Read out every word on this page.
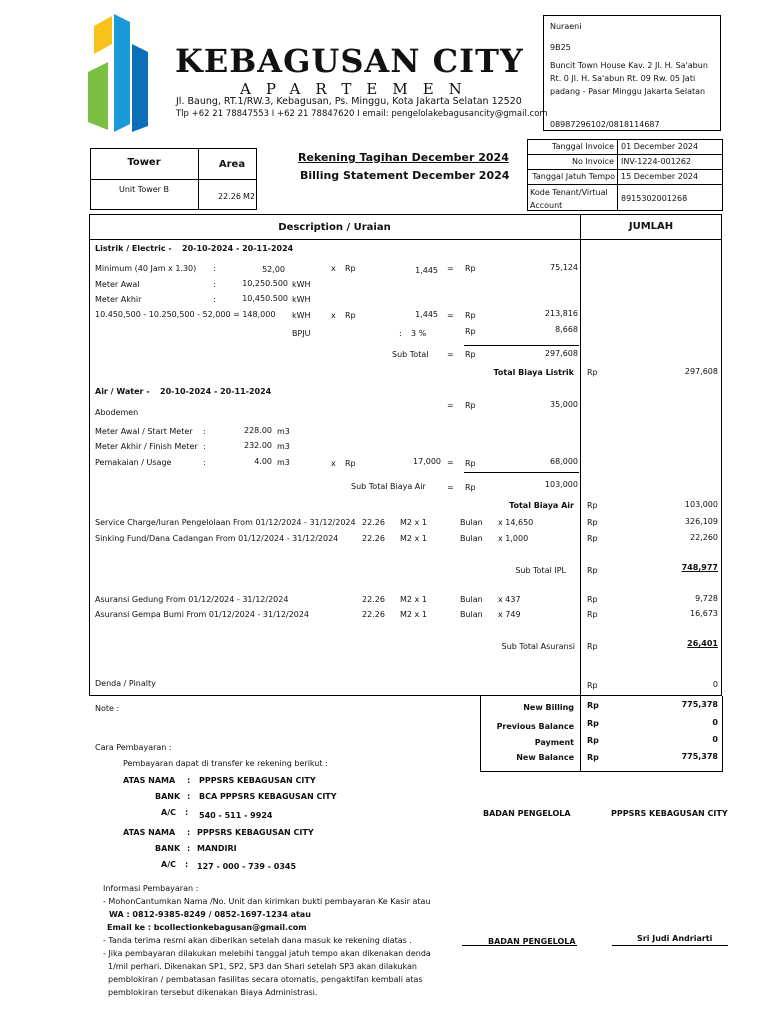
KEBAGUSAN CITY
APARTEMEN
Jl. Baung, RT.1/RW.3, Kebagusan, Ps. Minggu, Kota Jakarta Selatan 12520
Tlp +62 21 78847553 I +62 21 78847620 I email: pengelolakebagusancity@gmail.com
Nuraeni
9B25
Buncit Town House Kav. 2 Jl. H. Sa'abun
Rt. 0 Jl. H. Sa'abun Rt. 09 Rw. 05 Jati
padang - Pasar Minggu Jakarta Selatan
08987296102/0818114687
Tower	Area
Unit Tower B
22.26 M2
Rekening Tagihan December 2024
Billing Statement December 2024
Tanggal Invoice 01 December 2024
No Invoice INV-1224-001262
Tanggal Jatuh Tempo 15 December 2024
Kode Tenant/Virtual
Account
8915302001268
Description / Uraian	JUMLAH
Listrik / Electric - 20-10-2024 - 20-11-2024
Minimum (40 Jam x 1.30) :	52,00	x Rp	1,445 = Rp	75,124
Meter Awal	:	10,250.500 kWH
Meter Akhir	:	10,450.500 kWH
10.450,500 - 10.250,500 - 52,000 = 148,000 kWH	x Rp	1,445 = Rp	213,816
BPJU	: 3 %	Rp	8,668
Sub Total = Rp	297,608
Total Biaya Listrik Rp	297,608
Air / Water - 20-10-2024 - 20-11-2024
Abodemen
= Rp	35,000
Meter Awal / Start Meter :	228.00 m3
Meter Akhir / Finish Meter :	232.00 m3
Pemakaian / Usage	:	4.00 m3	x Rp	17,000 = Rp	68,000
Sub Total Biaya Air	= Rp	103,000
Total Biaya Air Rp	103,000
Service Charge/Iuran Pengelolaan From 01/12/2024 - 31/12/2024 22.26 M2 x 1	Bulan x 14,650	Rp	326,109
Sinking Fund/Dana Cadangan From 01/12/2024 - 31/12/2024	22.26 M2 x 1	Bulan x 1,000	Rp	22,260
Sub Total IPL	Rp	748,977
Asuransi Gedung From 01/12/2024 - 31/12/2024	22.26 M2 x 1	Bulan x 437	Rp	9,728
Asuransi Gempa Bumi From 01/12/2024 - 31/12/2024	22.26 M2 x 1	Bulan x 749	Rp	16,673
Sub Total Asuransi Rp	26,401
Denda / Pinalty	Rp	0
Note :	New Billing Rp	775,378
Previous Balance Rp	0
Payment Rp	0
New Balance Rp	775,378
Cara Pembayaran :
Pembayaran dapat di transfer ke rekening berikut :
ATAS NAMA : PPPSRS KEBAGUSAN CITY
BANK : BCA PPPSRS KEBAGUSAN CITY
A/C : 540 - 511 - 9924
ATAS NAMA : PPPSRS KEBAGUSAN CITY
BANK : MANDIRI
A/C : 127 - 000 - 739 - 0345
BADAN PENGELOLA	PPPSRS KEBAGUSAN CITY
BADAN PENGELOLA	Sri Judi Andriarti
Informasi Pembayaran :
- MohonCantumkan Nama /No. Unit dan kirimkan bukti pembayaran Ke Kasir atau
WA : 0812-9385-8249 / 0852-1697-1234 atau
Email ke : bcollectionkebagusan@gmail.com
- Tanda terima resmi akan diberikan setelah dana masuk ke rekening diatas .
- Jika pembayaran dilakukan melebihi tanggal jatuh tempo akan dikenakan denda
1/mil perhari. Dikenakan SP1, SP2, SP3 dan Shari setelah SP3 akan dilakukan
pemblokiran / pembatasan fasilitas secara otomatis, pengaktifan kembali atas
pemblokiran tersebut dikenakan Biaya Administrasi.
